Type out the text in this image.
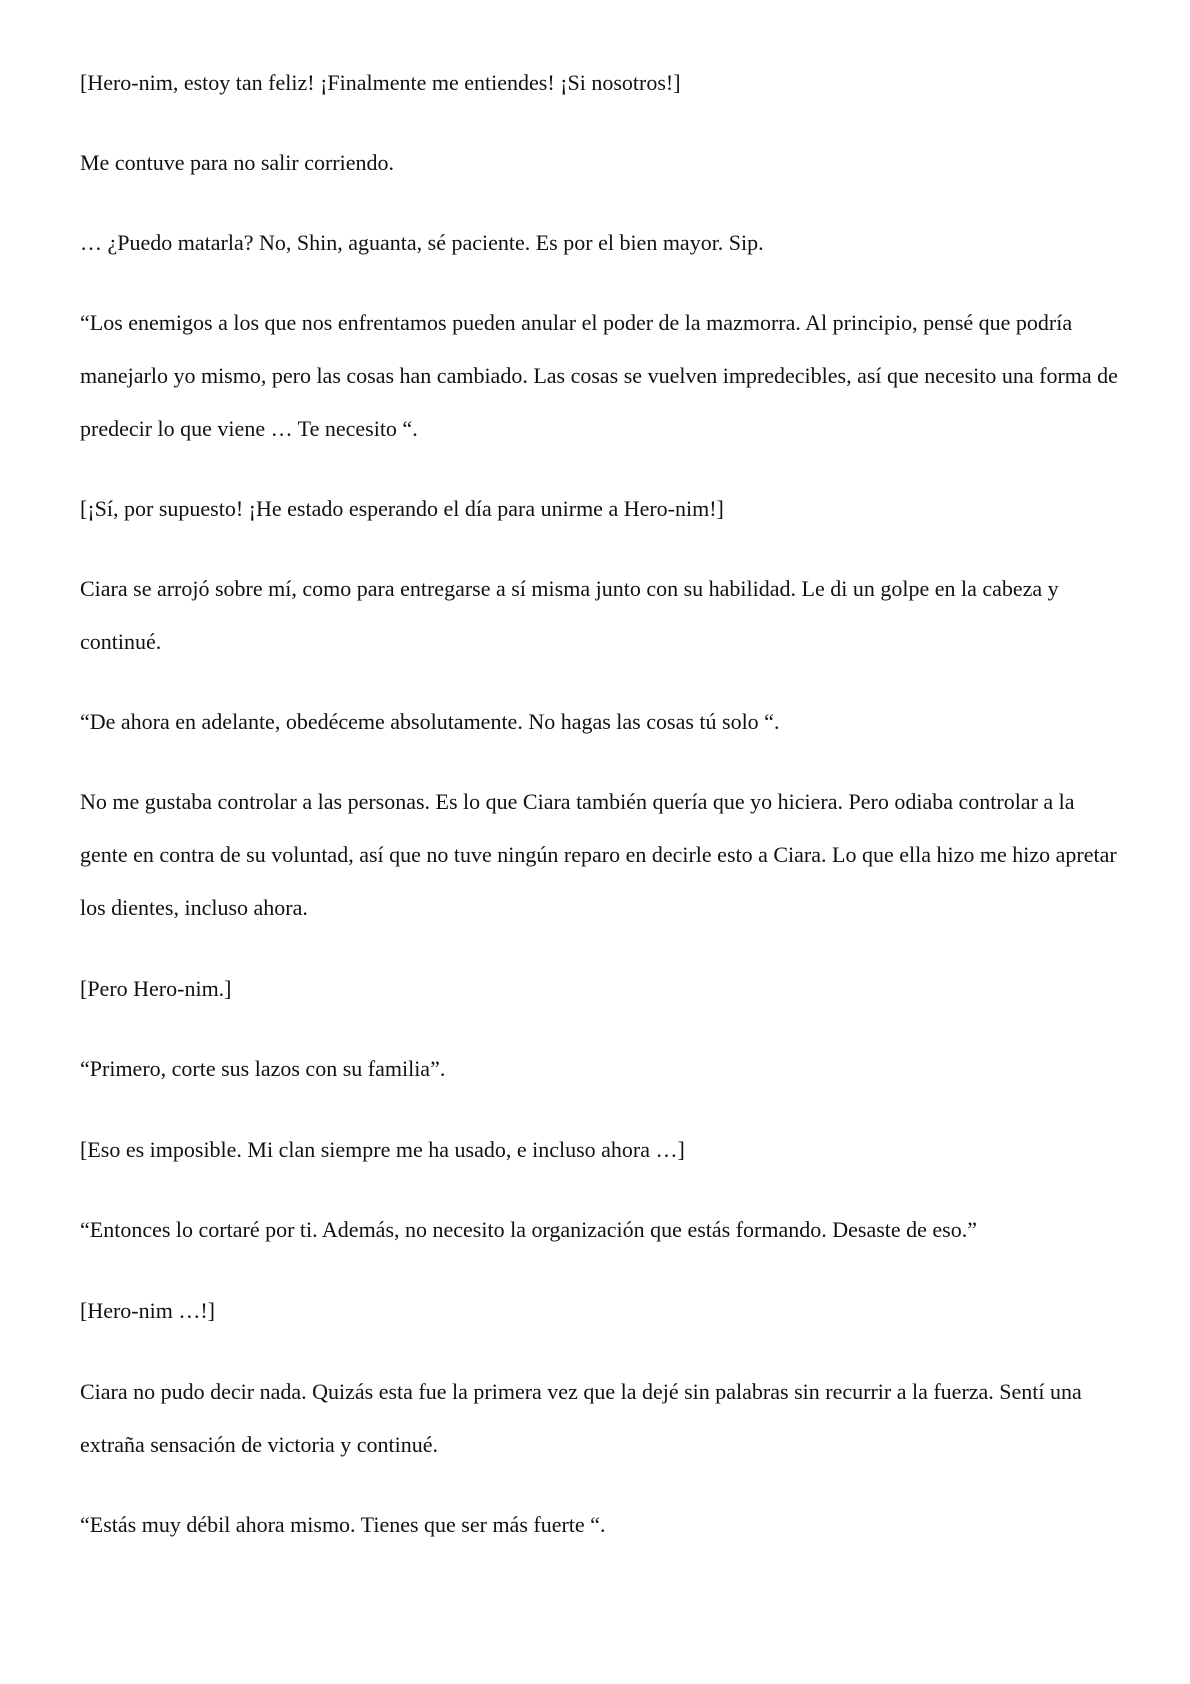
[Hero-nim, estoy tan feliz! ¡Finalmente me entiendes! ¡Si nosotros!]

Me contuve para no salir corriendo.

… ¿Puedo matarla? No, Shin, aguanta, sé paciente. Es por el bien mayor. Sip.

“Los enemigos a los que nos enfrentamos pueden anular el poder de la mazmorra. Al principio, pensé que podría manejarlo yo mismo, pero las cosas han cambiado. Las cosas se vuelven impredecibles, así que necesito una forma de predecir lo que viene … Te necesito “.

[¡Sí, por supuesto! ¡He estado esperando el día para unirme a Hero-nim!]

Ciara se arrojó sobre mí, como para entregarse a sí misma junto con su habilidad. Le di un golpe en la cabeza y continué.

“De ahora en adelante, obedéceme absolutamente. No hagas las cosas tú solo “.

No me gustaba controlar a las personas. Es lo que Ciara también quería que yo hiciera. Pero odiaba controlar a la gente en contra de su voluntad, así que no tuve ningún reparo en decirle esto a Ciara. Lo que ella hizo me hizo apretar los dientes, incluso ahora.

[Pero Hero-nim.]

“Primero, corte sus lazos con su familia”.

[Eso es imposible. Mi clan siempre me ha usado, e incluso ahora …]

“Entonces lo cortaré por ti. Además, no necesito la organización que estás formando. Desaste de eso.”

[Hero-nim …!]

Ciara no pudo decir nada. Quizás esta fue la primera vez que la dejé sin palabras sin recurrir a la fuerza. Sentí una extraña sensación de victoria y continué.

“Estás muy débil ahora mismo. Tienes que ser más fuerte “.
